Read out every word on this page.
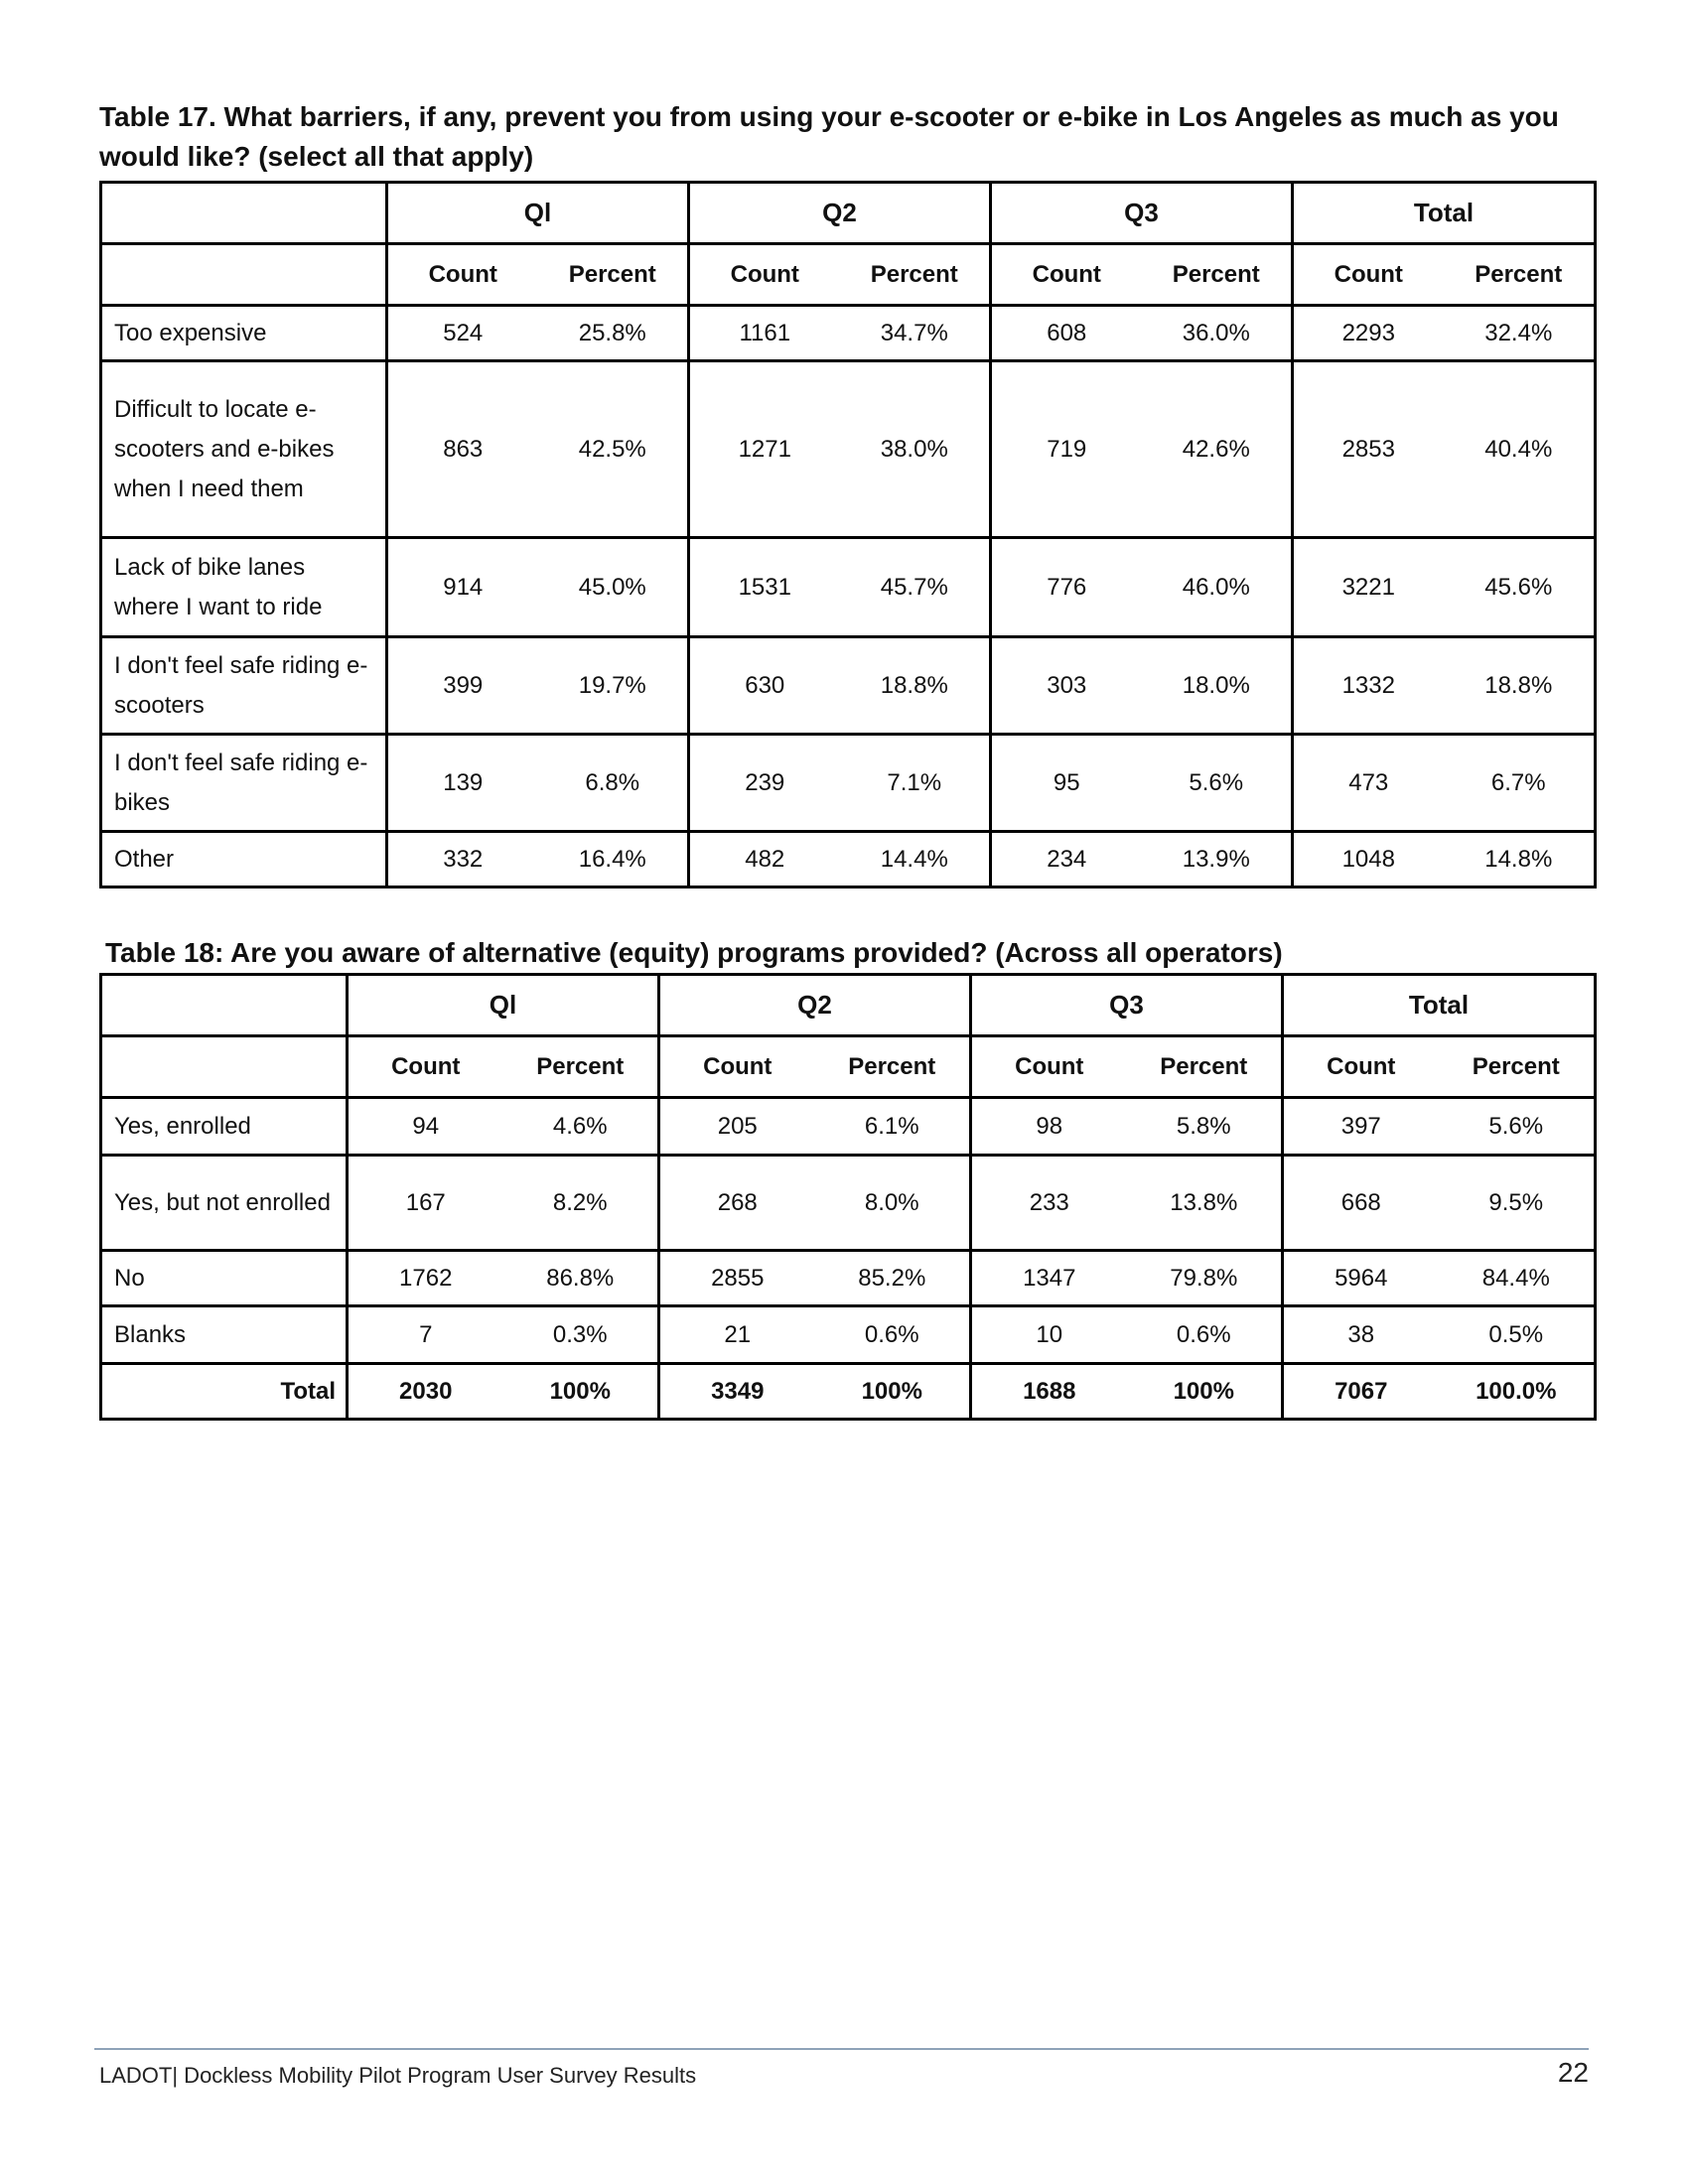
Table 17. What barriers, if any, prevent you from using your e-scooter or e-bike in Los Angeles as much as you would like? (select all that apply)

	Ql		Q2		Q3		Total	
	Count	Percent	Count	Percent	Count	Percent	Count	Percent
Too expensive	524	25.8%	1161	34.7%	608	36.0%	2293	32.4%
Difficult to locate e-scooters and e-bikes when I need them	863	42.5%	1271	38.0%	719	42.6%	2853	40.4%
Lack of bike lanes where I want to ride	914	45.0%	1531	45.7%	776	46.0%	3221	45.6%
I don't feel safe riding e-scooters	399	19.7%	630	18.8%	303	18.0%	1332	18.8%
I don't feel safe riding e-bikes	139	6.8%	239	7.1%	95	5.6%	473	6.7%
Other	332	16.4%	482	14.4%	234	13.9%	1048	14.8%

Table 18: Are you aware of alternative (equity) programs provided? (Across all operators)

	Ql		Q2		Q3		Total	
	Count	Percent	Count	Percent	Count	Percent	Count	Percent
Yes, enrolled	94	4.6%	205	6.1%	98	5.8%	397	5.6%
Yes, but not enrolled	167	8.2%	268	8.0%	233	13.8%	668	9.5%
No	1762	86.8%	2855	85.2%	1347	79.8%	5964	84.4%
Blanks	7	0.3%	21	0.6%	10	0.6%	38	0.5%
Total	2030	100%	3349	100%	1688	100%	7067	100.0%
LADOT| Dockless Mobility Pilot Program User Survey Results	22
